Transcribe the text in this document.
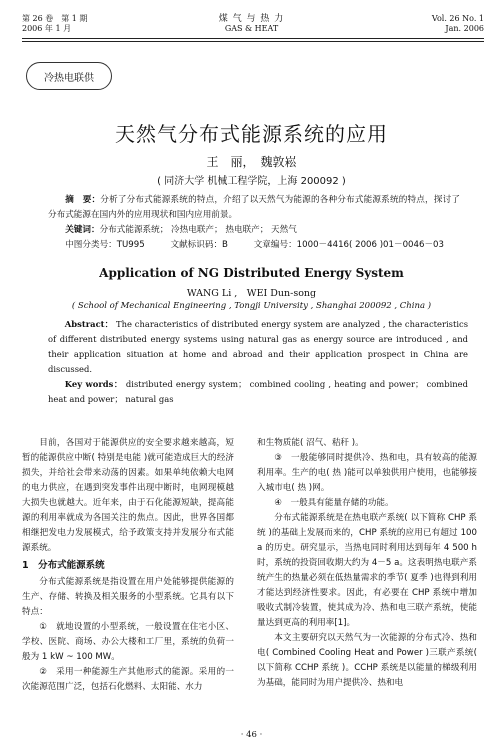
第 26 卷　第 1 期
2006 年 1 月
煤 气 与 热 力
GAS & HEAT
Vol. 26 No. 1
Jan. 2006
冷热电联供
天然气分布式能源系统的应用
王　丽，　魏敦崧
( 同济大学 机械工程学院，上海 200092 )
摘　要：分析了分布式能源系统的特点，介绍了以天然气为能源的各种分布式能源系统的特点，探讨了分布式能源在国内外的应用现状和国内应用前景。
关键词：分布式能源系统； 冷热电联产； 热电联产； 天然气
中图分类号：TU995　　　文献标识码：B　　　文章编号：1000－4416( 2006 )01－0046－03
Application of NG Distributed Energy System
WANG Li ,　WEI Dun-song
( School of Mechanical Engineering , Tongji University , Shanghai 200092 , China )
Abstract： The characteristics of distributed energy system are analyzed , the characteristics of different distributed energy systems using natural gas as energy source are introduced , and their application situation at home and abroad and their application prospect in China are discussed.
Key words： distributed energy system； combined cooling , heating and power； combined heat and power； natural gas

目前，各国对于能源供应的安全要求越来越高，短暂的能源供应中断( 特别是电能 )就可能造成巨大的经济损失，并给社会带来动荡的因素。如果单纯依赖大电网的电力供应，在遇到突发事件出现中断时，电网现模越大损失也就越大。近年来，由于石化能源短缺，提高能源的利用率就成为各国关注的焦点。因此，世界各国都相继把发电力发展模式，给予政策支持并发展分布式能源系统。

1　分布式能源系统

分布式能源系统是指设置在用户处能够提供能源的生产、存储、转换及相关服务的小型系统。它具有以下特点：

①　就地设置的小型系统，一般设置在住宅小区、学校、医院、商场、办公大楼和工厂里，系统的负荷一般为 1 kW ~ 100 MW。

②　采用一种能源生产其他形式的能源。采用的一次能源范围广泛，包括石化燃料、太阳能、水力

和生物质能( 沼气、秸秆 )。

③　一般能够同时提供冷、热和电，具有较高的能源利用率。生产的电( 热 )能可以单独供用户使用，也能够接入城市电( 热 )网。

④　一般具有能量存储的功能。

分布式能源系统是在热电联产系统( 以下简称 CHP 系统 )的基础上发展而来的，CHP 系统的应用已有超过 100 a 的历史。研究显示，当热电同时利用达到每年 4 500 h 时，系统的投资回收期大约为 4－5 a。这表明热电联产系统产生的热量必须在低热量需求的季节( 夏季 )也得到利用才能达到经济性要求。因此，有必要在 CHP 系统中增加吸收式制冷装置，使其成为冷、热和电三联产系统，使能量达到更高的利用率[1]。

本文主要研究以天然气为一次能源的分布式冷、热和电( Combined Cooling Heat and Power )三联产系统( 以下简称 CCHP 系统 )。CCHP 系统是以能量的梯级利用为基础，能同时为用户提供冷、热和电

· 46 ·
